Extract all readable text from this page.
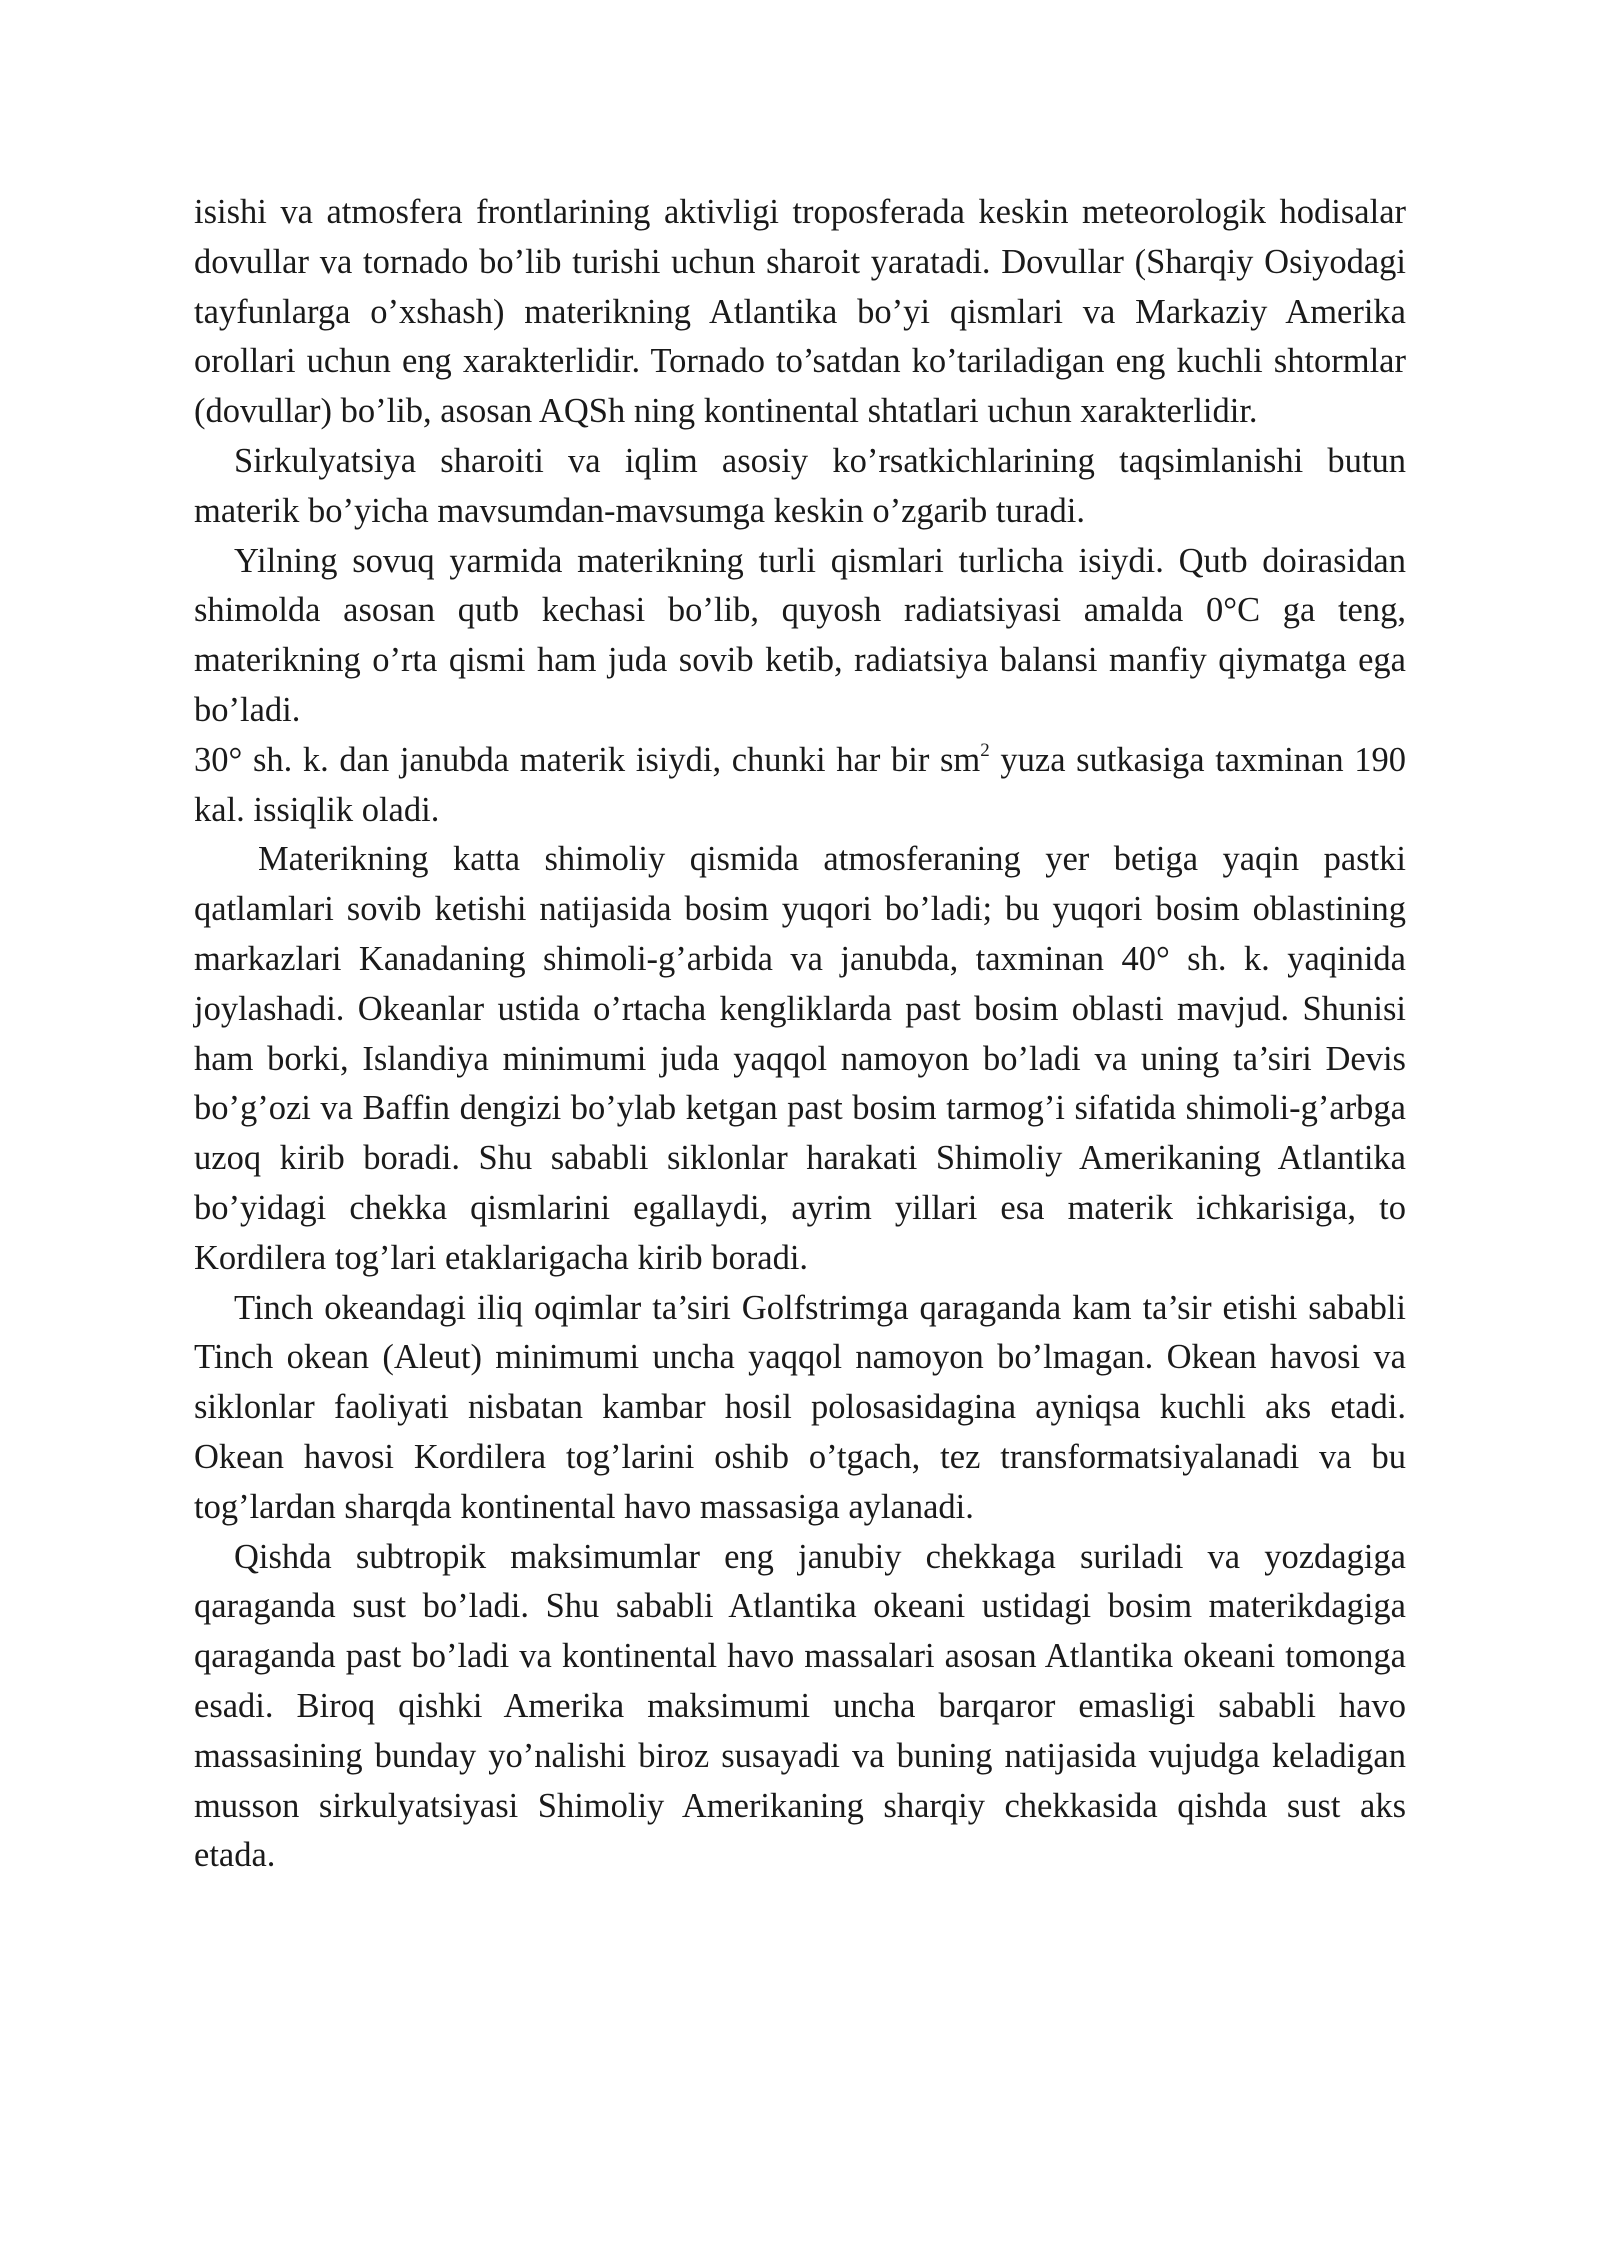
isishi va atmosfera frontlarining aktivligi troposferada keskin meteorologik hodisalar dovullar va tornado bo’lib turishi uchun sharoit yaratadi. Dovullar (Sharqiy Osiyodagi tayfunlarga o’xshash) materikning Atlantika bo’yi qismlari va Markaziy Amerika orollari uchun eng xarakterlidir. Tornado to’satdan ko’tariladigan eng kuchli shtormlar (dovullar) bo’lib, asosan AQSh ning kontinental shtatlari uchun xarakterlidir.

Sirkulyatsiya sharoiti va iqlim asosiy ko’rsatkichlarining taqsimlanishi butun materik bo’yicha mavsumdan-mavsumga keskin o’zgarib turadi.

Yilning sovuq yarmida materikning turli qismlari turlicha isiydi. Qutb doirasidan shimolda asosan qutb kechasi bo’lib, quyosh radiatsiyasi amalda 0°C ga teng, materikning o’rta qismi ham juda sovib ketib, radiatsiya balansi manfiy qiymatga ega bo’ladi.

30° sh. k. dan janubda materik isiydi, chunki har bir $sm^2$ yuza sutkasiga taxminan 190 kal. issiqlik oladi.

Materikning katta shimoliy qismida atmosferaning yer betiga yaqin pastki qatlamlari sovib ketishi natijasida bosim yuqori bo’ladi; bu yuqori bosim oblastining markazlari Kanadaning shimoli-g’arbida va janubda, taxminan 40° sh. k. yaqinida joylashadi. Okeanlar ustida o’rtacha kengliklarda past bosim oblasti mavjud. Shunisi ham borki, Islandiya minimumi juda yaqqol namoyon bo’ladi va uning ta’siri Devis bo’g’ozi va Baffin dengizi bo’ylab ketgan past bosim tarmog’i sifatida shimoli-g’arbga uzoq kirib boradi. Shu sababli siklonlar harakati Shimoliy Amerikaning Atlantika bo’yidagi chekka qismlarini egallaydi, ayrim yillari esa materik ichkarisiga, to Kordilera tog’lari etaklarigacha kirib boradi.

Tinch okeandagi iliq oqimlar ta’siri Golfstrimga qaraganda kam ta’sir etishi sababli Tinch okean (Aleut) minimumi uncha yaqqol namoyon bo’lmagan. Okean havosi va siklonlar faoliyati nisbatan kambar hosil polosasidagina ayniqsa kuchli aks etadi. Okean havosi Kordilera tog’larini oshib o’tgach, tez transformatsiyalanadi va bu tog’lardan sharqda kontinental havo massasiga aylanadi.

Qishda subtropik maksimumlar eng janubiy chekkaga suriladi va yozdagiga qaraganda sust bo’ladi. Shu sababli Atlantika okeani ustidagi bosim materikdagiga qaraganda past bo’ladi va kontinental havo massalari asosan Atlantika okeani tomonga esadi. Biroq qishki Amerika maksimumi uncha barqaror emasligi sababli havo massasining bunday yo’nalishi biroz susayadi va buning natijasida vujudga keladigan musson sirkulyatsiyasi Shimoliy Amerikaning sharqiy chekkasida qishda sust aks etada.
